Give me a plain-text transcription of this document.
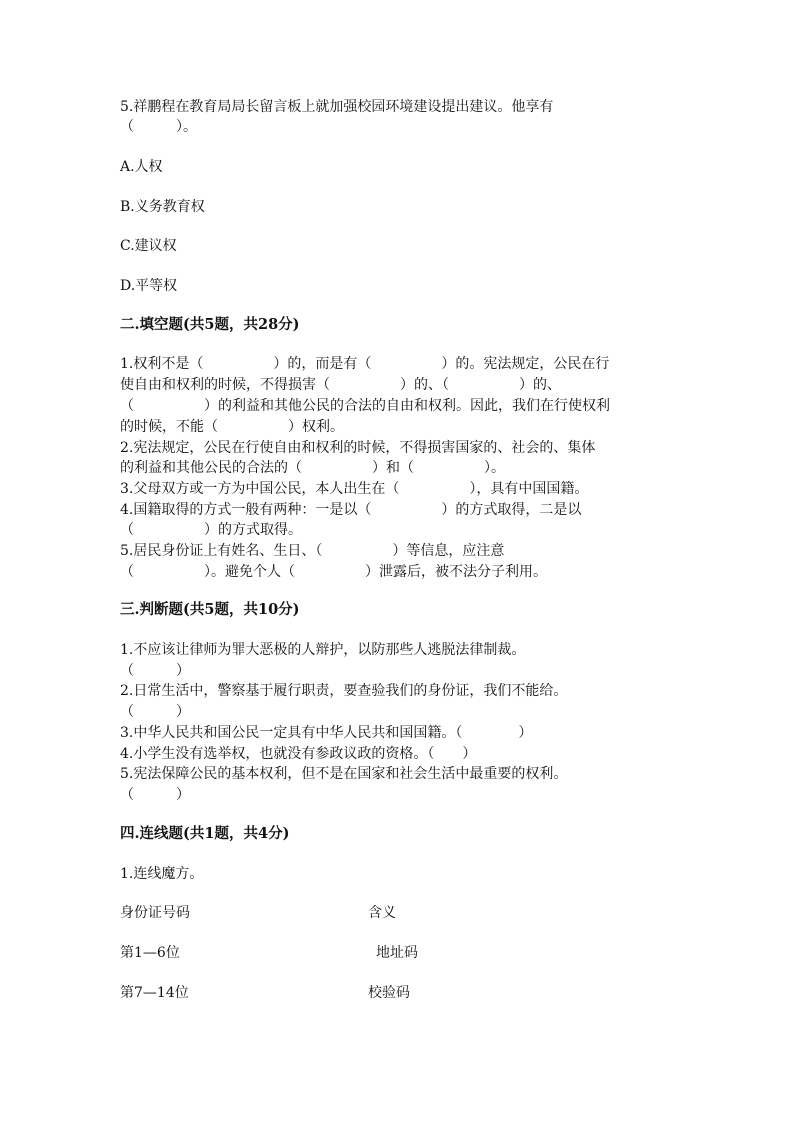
5.祥鹏程在教育局局长留言板上就加强校园环境建设提出建议。他享有
（　　　）。
A.人权
B.义务教育权
C.建议权
D.平等权
二.填空题(共5题，共28分)
1.权利不是（　　　　　）的，而是有（　　　　　）的。宪法规定，公民在行
使自由和权利的时候，不得损害（　　　　　）的、（　　　　　）的、
（　　　　　）的利益和其他公民的合法的自由和权利。因此，我们在行使权利
的时候，不能（　　　　　）权利。
2.宪法规定，公民在行使自由和权利的时候，不得损害国家的、社会的、集体
的利益和其他公民的合法的（　　　　　）和（　　　　　）。
3.父母双方或一方为中国公民，本人出生在（　　　　　），具有中国国籍。
4.国籍取得的方式一般有两种：一是以（　　　　　）的方式取得，二是以
（　　　　　）的方式取得。
5.居民身份证上有姓名、生日、（　　　　　）等信息，应注意
（　　　　　）。避免个人（　　　　　）泄露后，被不法分子利用。
三.判断题(共5题，共10分)
1.不应该让律师为罪大恶极的人辩护，以防那些人逃脱法律制裁。
（　　　）
2.日常生活中，警察基于履行职责，要查验我们的身份证，我们不能给。
（　　　）
3.中华人民共和国公民一定具有中华人民共和国国籍。（　　　　）
4.小学生没有选举权，也就没有参政议政的资格。（　　）
5.宪法保障公民的基本权利，但不是在国家和社会生活中最重要的权利。
（　　　）
四.连线题(共1题，共4分)
1.连线魔方。
身份证号码	含义
第1—6位	地址码
第7—14位	校验码
